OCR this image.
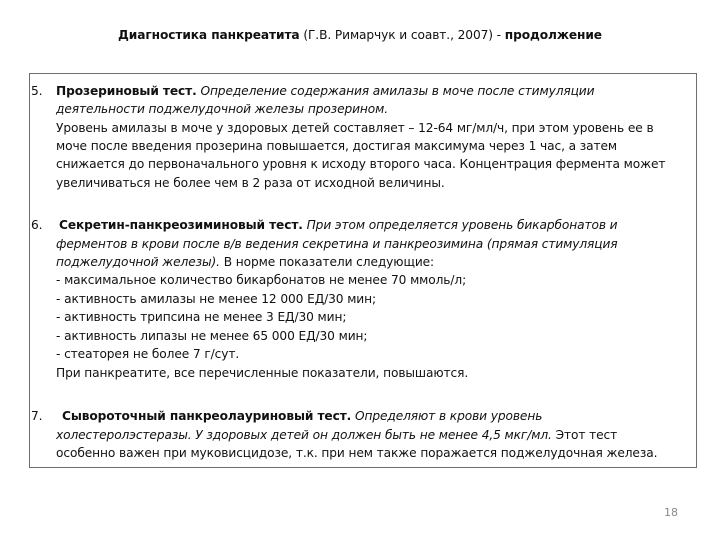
Диагностика панкреатита (Г.В. Римарчук и соавт., 2007) - продолжение
5. Прозериновый тест. Определение содержания амилазы в моче после стимуляции
деятельности поджелудочной железы прозерином.
Уровень амилазы в моче у здоровых детей составляет – 12-64 мг/мл/ч, при этом уровень ее в
моче после введения прозерина повышается, достигая максимума через 1 час, а затем
снижается до первоначального уровня к исходу второго часа. Концентрация фермента может
увеличиваться не более чем в 2 раза от исходной величины.
6. Секретин-панкреозиминовый тест. При этом определяется уровень бикарбонатов и
ферментов в крови после в/в ведения секретина и панкреозимина (прямая стимуляция
поджелудочной железы). В норме показатели следующие:
- максимальное количество бикарбонатов не менее 70 ммоль/л;
- активность амилазы не менее 12 000 ЕД/30 мин;
- активность трипсина не менее 3 ЕД/30 мин;
- активность липазы не менее 65 000 ЕД/30 мин;
- стеаторея не более 7 г/сут.
При панкреатите, все перечисленные показатели, повышаются.
7. Сывороточный панкреолауриновый тест. Определяют в крови уровень
холестеролэстеразы. У здоровых детей он должен быть не менее 4,5 мкг/мл. Этот тест
особенно важен при муковисцидозе, т.к. при нем также поражается поджелудочная железа.
18
